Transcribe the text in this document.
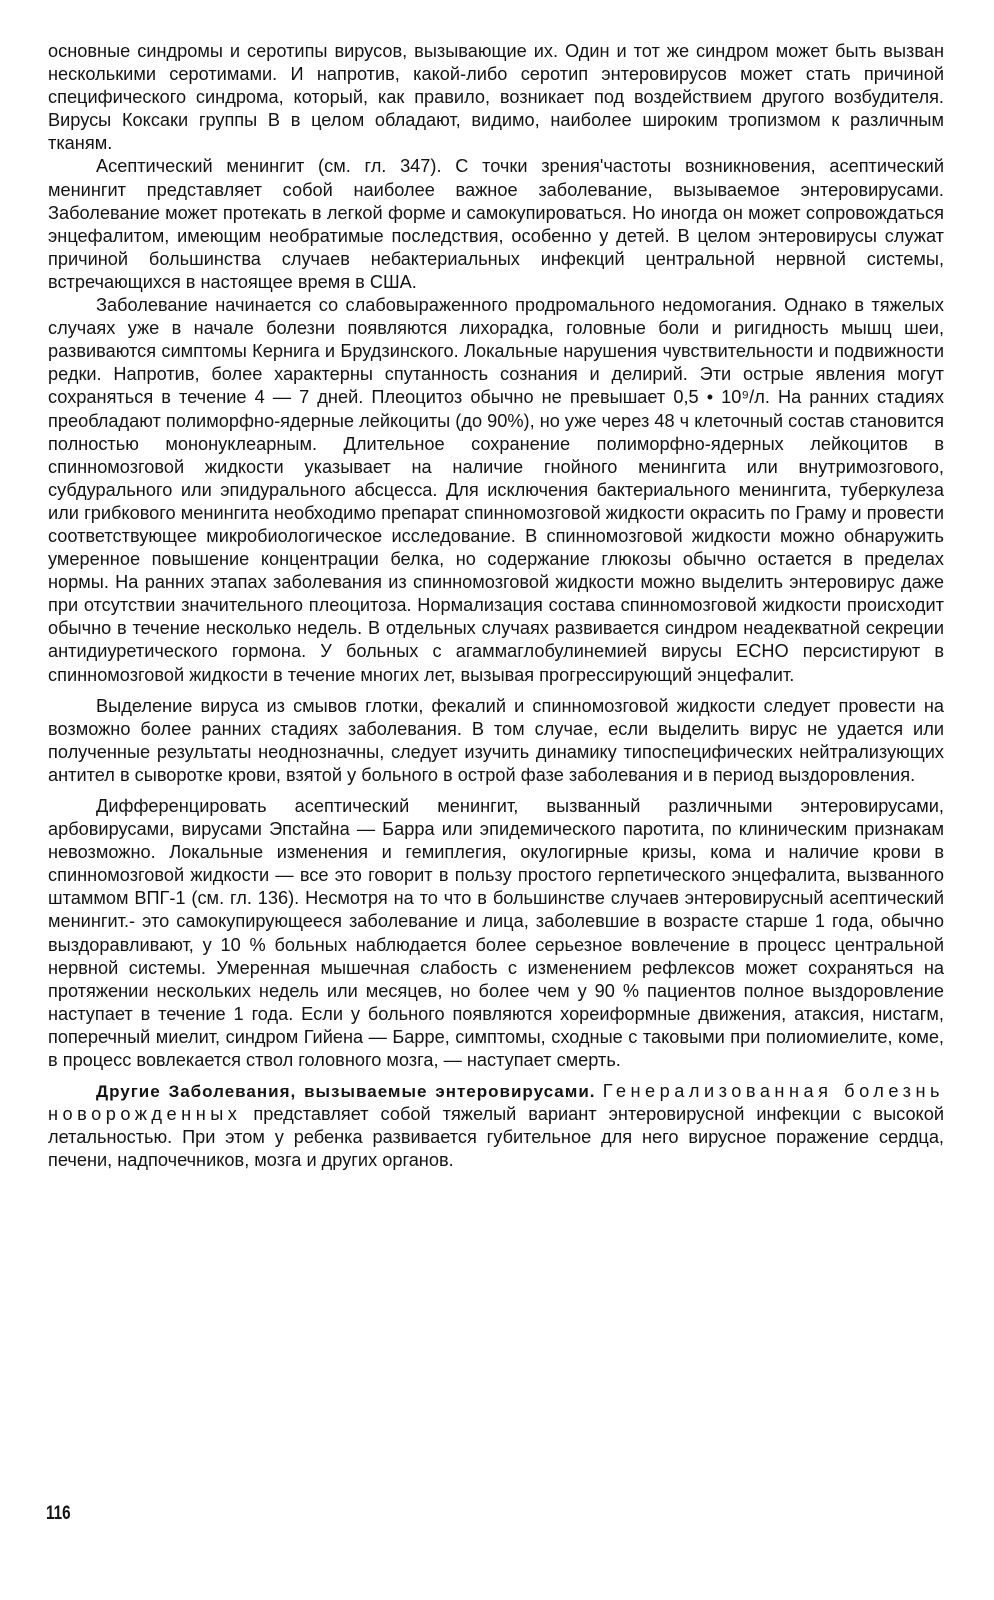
основные синдромы и серотипы вирусов, вызывающие их. Один и тот же синдром может быть вызван несколькими серотимами. И напротив, какой-либо серотип энтеровирусов может стать причиной специфического синдрома, который, как правило, возникает под воздействием другого возбудителя. Вирусы Коксаки группы В в целом обладают, видимо, наиболее широким тропизмом к различным тканям.

Асептический менингит (см. гл. 347). С точки зрения'частоты возникновения, асептический менингит представляет собой наиболее важное заболевание, вызываемое энтеровирусами. Заболевание может протекать в легкой форме и самокупироваться. Но иногда он может сопровождаться энцефалитом, имеющим необратимые последствия, особенно у детей. В целом энтеровирусы служат причиной большинства случаев небактериальных инфекций центральной нервной системы, встречающихся в настоящее время в США.

Заболевание начинается со слабовыраженного продромального недомогания. Однако в тяжелых случаях уже в начале болезни появляются лихорадка, головные боли и ригидность мышц шеи, развиваются симптомы Кернига и Брудзинского. Локальные нарушения чувствительности и подвижности редки. Напротив, более характерны спутанность сознания и делирий. Эти острые явления могут сохраняться в течение 4 — 7 дней. Плеоцитоз обычно не превышает 0,5 • 10⁹/л. На ранних стадиях преобладают полиморфно-ядерные лейкоциты (до 90%), но уже через 48 ч клеточный состав становится полностью мононуклеарным. Длительное сохранение полиморфно-ядерных лейкоцитов в спинномозговой жидкости указывает на наличие гнойного менингита или внутримозгового, субдурального или эпидурального абсцесса. Для исключения бактериального менингита, туберкулеза или грибкового менингита необходимо препарат спинномозговой жидкости окрасить по Граму и провести соответствующее микробиологическое исследование. В спинномозговой жидкости можно обнаружить умеренное повышение концентрации белка, но содержание глюкозы обычно остается в пределах нормы. На ранних этапах заболевания из спинномозговой жидкости можно выделить энтеровирус даже при отсутствии значительного плеоцитоза. Нормализация состава спинномозговой жидкости происходит обычно в течение несколько недель. В отдельных случаях развивается синдром неадекватной секреции антидиуретического гормона. У больных с агаммаглобулинемией вирусы ECHO персистируют в спинномозговой жидкости в течение многих лет, вызывая прогрессирующий энцефалит.

Выделение вируса из смывов глотки, фекалий и спинномозговой жидкости следует провести на возможно более ранних стадиях заболевания. В том случае, если выделить вирус не удается или полученные результаты неоднозначны, следует изучить динамику типоспецифических нейтрализующих антител в сыворотке крови, взятой у больного в острой фазе заболевания и в период выздоровления.

Дифференцировать асептический менингит, вызванный различными энтеровирусами, арбовирусами, вирусами Эпстайна — Барра или эпидемического паротита, по клиническим признакам невозможно. Локальные изменения и гемиплегия, окулогирные кризы, кома и наличие крови в спинномозговой жидкости — все это говорит в пользу простого герпетического энцефалита, вызванного штаммом ВПГ-1 (см. гл. 136). Несмотря на то что в большинстве случаев энтеровирусный асептический менингит.- это самокупирующееся заболевание и лица, заболевшие в возрасте старше 1 года, обычно выздоравливают, у 10 % больных наблюдается более серьезное вовлечение в процесс центральной нервной системы. Умеренная мышечная слабость с изменением рефлексов может сохраняться на протяжении нескольких недель или месяцев, но более чем у 90 % пациентов полное выздоровление наступает в течение 1 года. Если у больного появляются хореиформные движения, атаксия, нистагм, поперечный миелит, синдром Гийена — Барре, симптомы, сходные с таковыми при полиомиелите, коме, в процесс вовлекается ствол головного мозга, — наступает смерть.

Другие Заболевания, вызываемые энтеровирусами. Генерализованная болезнь новорожденных представляет собой тяжелый вариант энтеровирусной инфекции с высокой летальностью. При этом у ребенка развивается губительное для него вирусное поражение сердца, печени, надпочечников, мозга и других органов.

116
